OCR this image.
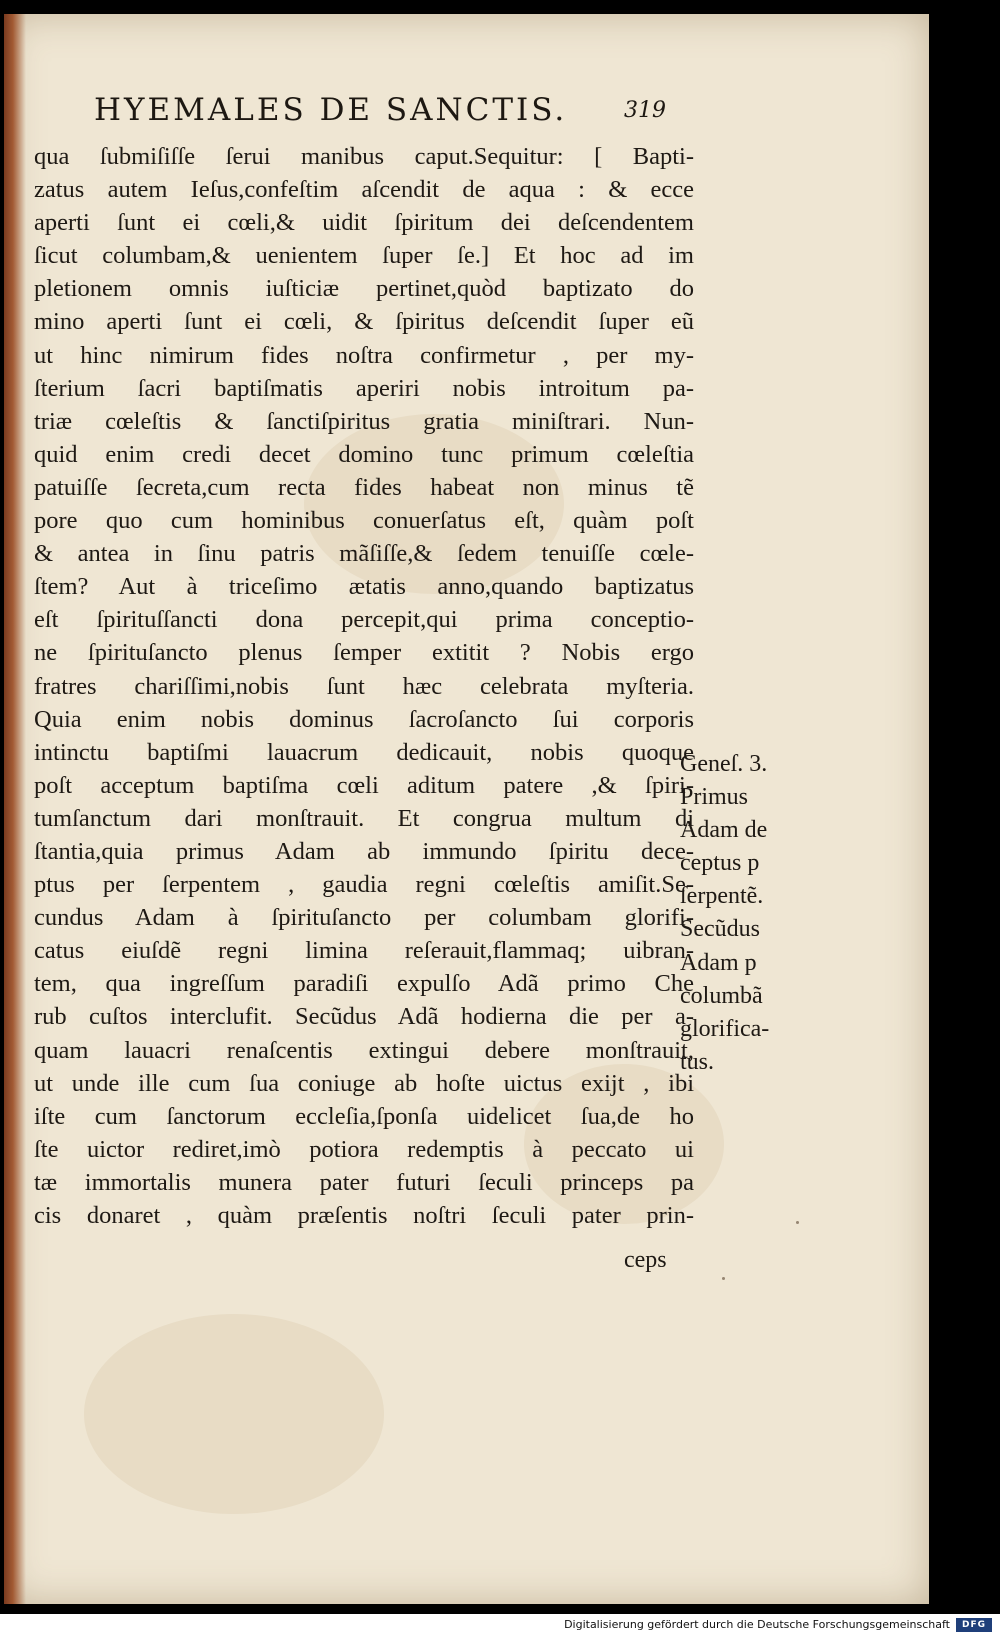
HYEMALES DE SANCTIS.	319
qua ſubmiſiſſe ſerui manibus caput.Sequitur: [ Bapti-
zatus autem Ieſus,confeſtim aſcendit de aqua : & ecce
aperti ſunt ei cœli,& uidit ſpiritum dei deſcendentem
ſicut columbam,& uenientem ſuper ſe.] Et hoc ad im
pletionem omnis iuſticiæ pertinet,quòd baptizato do
mino aperti ſunt ei cœli, & ſpiritus deſcendit ſuper eũ
ut hinc nimirum fides noſtra confirmetur , per my-
ſterium ſacri baptiſmatis aperiri nobis introitum pa-
triæ cœleſtis & ſanctiſpiritus gratia miniſtrari. Nun-
quid enim credi decet domino tunc primum cœleſtia
patuiſſe ſecreta,cum recta fides habeat non minus tẽ
pore quo cum hominibus conuerſatus eſt, quàm poſt
& antea in ſinu patris mãſiſſe,& ſedem tenuiſſe cœle-
ſtem? Aut à triceſimo ætatis anno,quando baptizatus
eſt ſpirituſſancti dona percepit,qui prima conceptio-
ne ſpirituſancto plenus ſemper extitit ? Nobis ergo
fratres chariſſimi,nobis ſunt hæc celebrata myſteria.
Quia enim nobis dominus ſacroſancto ſui corporis
intinctu baptiſmi lauacrum dedicauit, nobis quoque
poſt acceptum baptiſma cœli aditum patere ,& ſpiri-
tumſanctum dari monſtrauit. Et congrua multum di
ſtantia,quia primus Adam ab immundo ſpiritu dece-
ptus per ſerpentem , gaudia regni cœleſtis amiſit.Se-
cundus Adam à ſpirituſancto per columbam glorifi-
catus eiuſdẽ regni limina reſerauit,flammaq; uibran-
tem, qua ingreſſum paradiſi expulſo Adã primo Che
rub cuſtos interclufit. Secũdus Adã hodierna die per a-
quam lauacri renaſcentis extingui debere monſtrauit,
ut unde ille cum ſua coniuge ab hoſte uictus exijt , ibi
iſte cum ſanctorum eccleſia,ſponſa uidelicet ſua,de ho
ſte uictor rediret,imò potiora redemptis à peccato ui
tæ immortalis munera pater futuri ſeculi princeps pa
cis donaret , quàm præſentis noſtri ſeculi pater prin-
ceps
Geneſ. 3.
Primus
Adam de
ceptus p
ſerpentẽ.
Secũdus
Adam p
columbã
glorifica-
tus.
Digitalisierung gefördert durch die Deutsche Forschungsgemeinschaft	DFG
